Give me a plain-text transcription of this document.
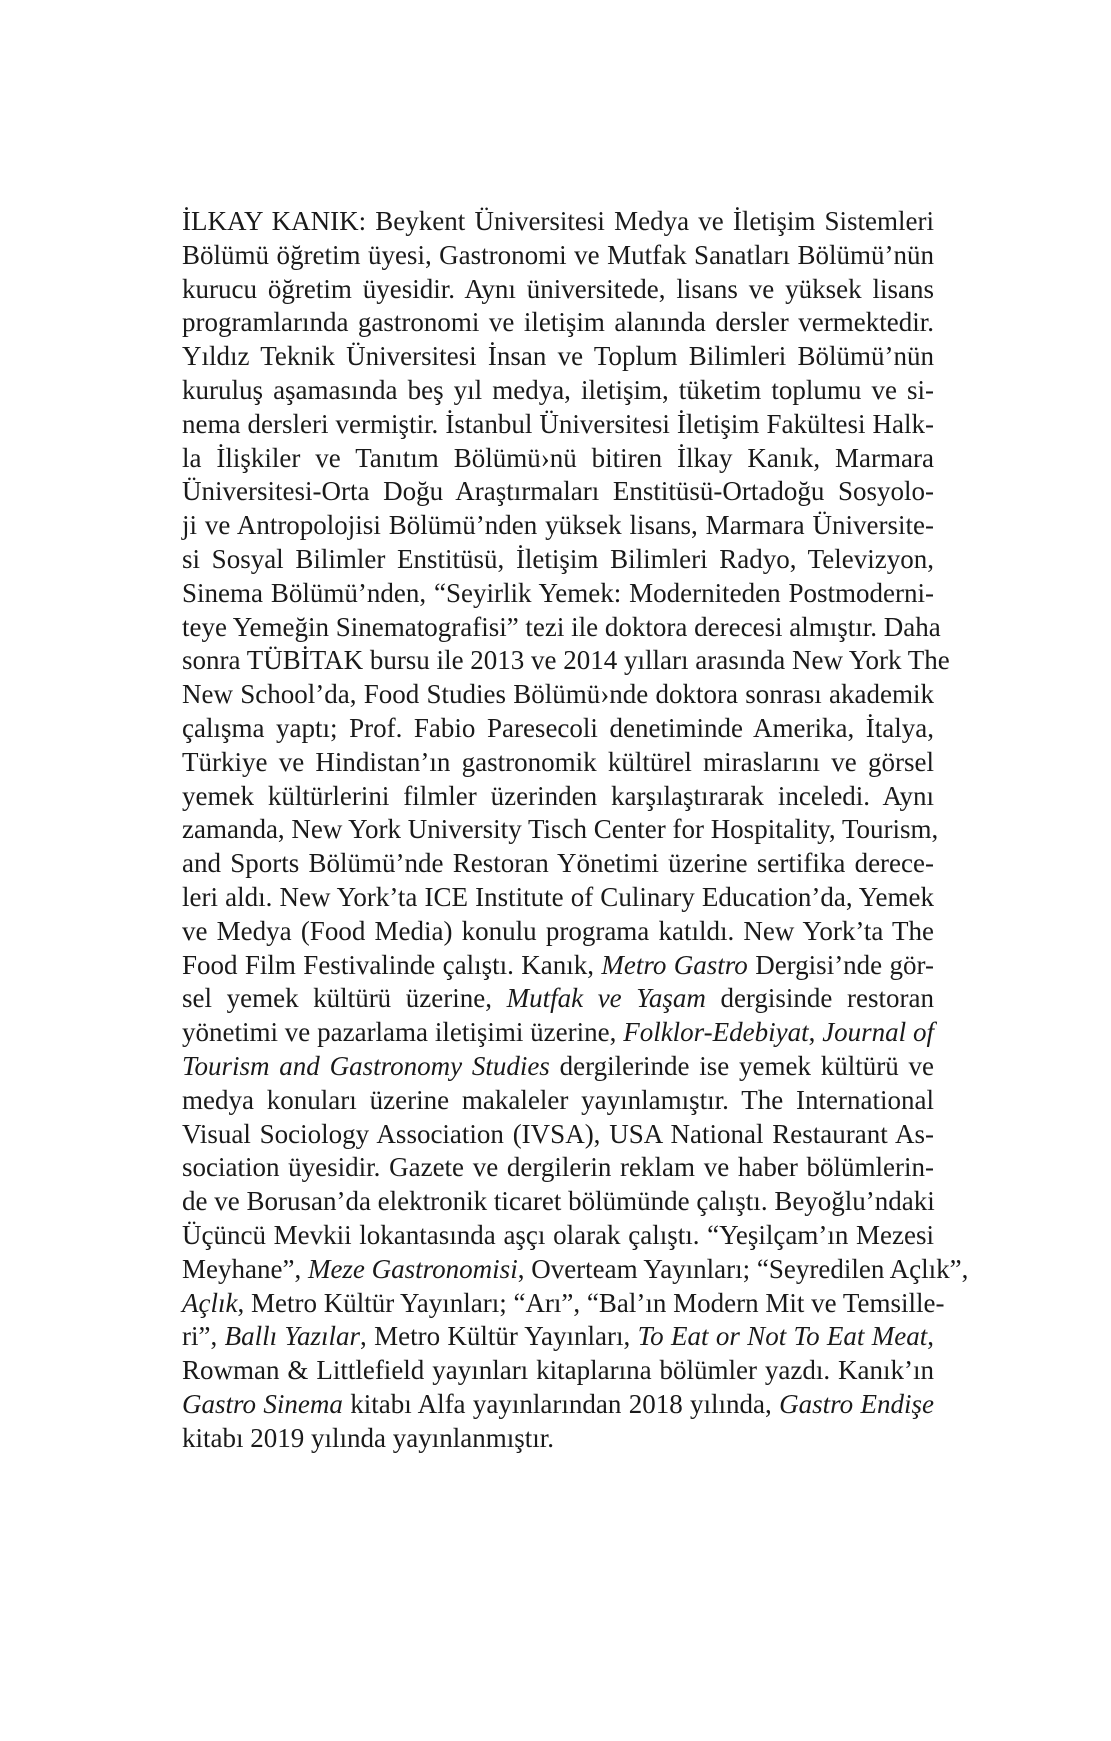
İLKAY KANIK: Beykent Üniversitesi Medya ve İletişim Sistemleri
Bölümü öğretim üyesi, Gastronomi ve Mutfak Sanatları Bölümü’nün
kurucu öğretim üyesidir. Aynı üniversitede, lisans ve yüksek lisans
programlarında gastronomi ve iletişim alanında dersler vermektedir.
Yıldız Teknik Üniversitesi İnsan ve Toplum Bilimleri Bölümü’nün
kuruluş aşamasında beş yıl medya, iletişim, tüketim toplumu ve si-
nema dersleri vermiştir. İstanbul Üniversitesi İletişim Fakültesi Halk-
la İlişkiler ve Tanıtım Bölümü›nü bitiren İlkay Kanık, Marmara
Üniversitesi-Orta Doğu Araştırmaları Enstitüsü-Ortadoğu Sosyolo-
ji ve Antropolojisi Bölümü’nden yüksek lisans, Marmara Üniversite-
si Sosyal Bilimler Enstitüsü, İletişim Bilimleri Radyo, Televizyon,
Sinema Bölümü’nden, “Seyirlik Yemek: Moderniteden Postmoderni-
teye Yemeğin Sinematografisi” tezi ile doktora derecesi almıştır. Daha
sonra TÜBİTAK bursu ile 2013 ve 2014 yılları arasında New York The
New School’da, Food Studies Bölümü›nde doktora sonrası akademik
çalışma yaptı; Prof. Fabio Paresecoli denetiminde Amerika, İtalya,
Türkiye ve Hindistan’ın gastronomik kültürel miraslarını ve görsel
yemek kültürlerini filmler üzerinden karşılaştırarak inceledi. Aynı
zamanda, New York University Tisch Center for Hospitality, Tourism,
and Sports Bölümü’nde Restoran Yönetimi üzerine sertifika derece-
leri aldı. New York’ta ICE Institute of Culinary Education’da, Yemek
ve Medya (Food Media) konulu programa katıldı. New York’ta The
Food Film Festivalinde çalıştı. Kanık, Metro Gastro Dergisi’nde gör-
sel yemek kültürü üzerine, Mutfak ve Yaşam dergisinde restoran
yönetimi ve pazarlama iletişimi üzerine, Folklor-Edebiyat, Journal of
Tourism and Gastronomy Studies dergilerinde ise yemek kültürü ve
medya konuları üzerine makaleler yayınlamıştır. The International
Visual Sociology Association (IVSA), USA National Restaurant As-
sociation üyesidir. Gazete ve dergilerin reklam ve haber bölümlerin-
de ve Borusan’da elektronik ticaret bölümünde çalıştı. Beyoğlu’ndaki
Üçüncü Mevkii lokantasında aşçı olarak çalıştı. “Yeşilçam’ın Mezesi
Meyhane”, Meze Gastronomisi, Overteam Yayınları; “Seyredilen Açlık”,
Açlık, Metro Kültür Yayınları; “Arı”, “Bal’ın Modern Mit ve Temsille-
ri”, Ballı Yazılar, Metro Kültür Yayınları, To Eat or Not To Eat Meat,
Rowman & Littlefield yayınları kitaplarına bölümler yazdı. Kanık’ın
Gastro Sinema kitabı Alfa yayınlarından 2018 yılında, Gastro Endişe
kitabı 2019 yılında yayınlanmıştır.
